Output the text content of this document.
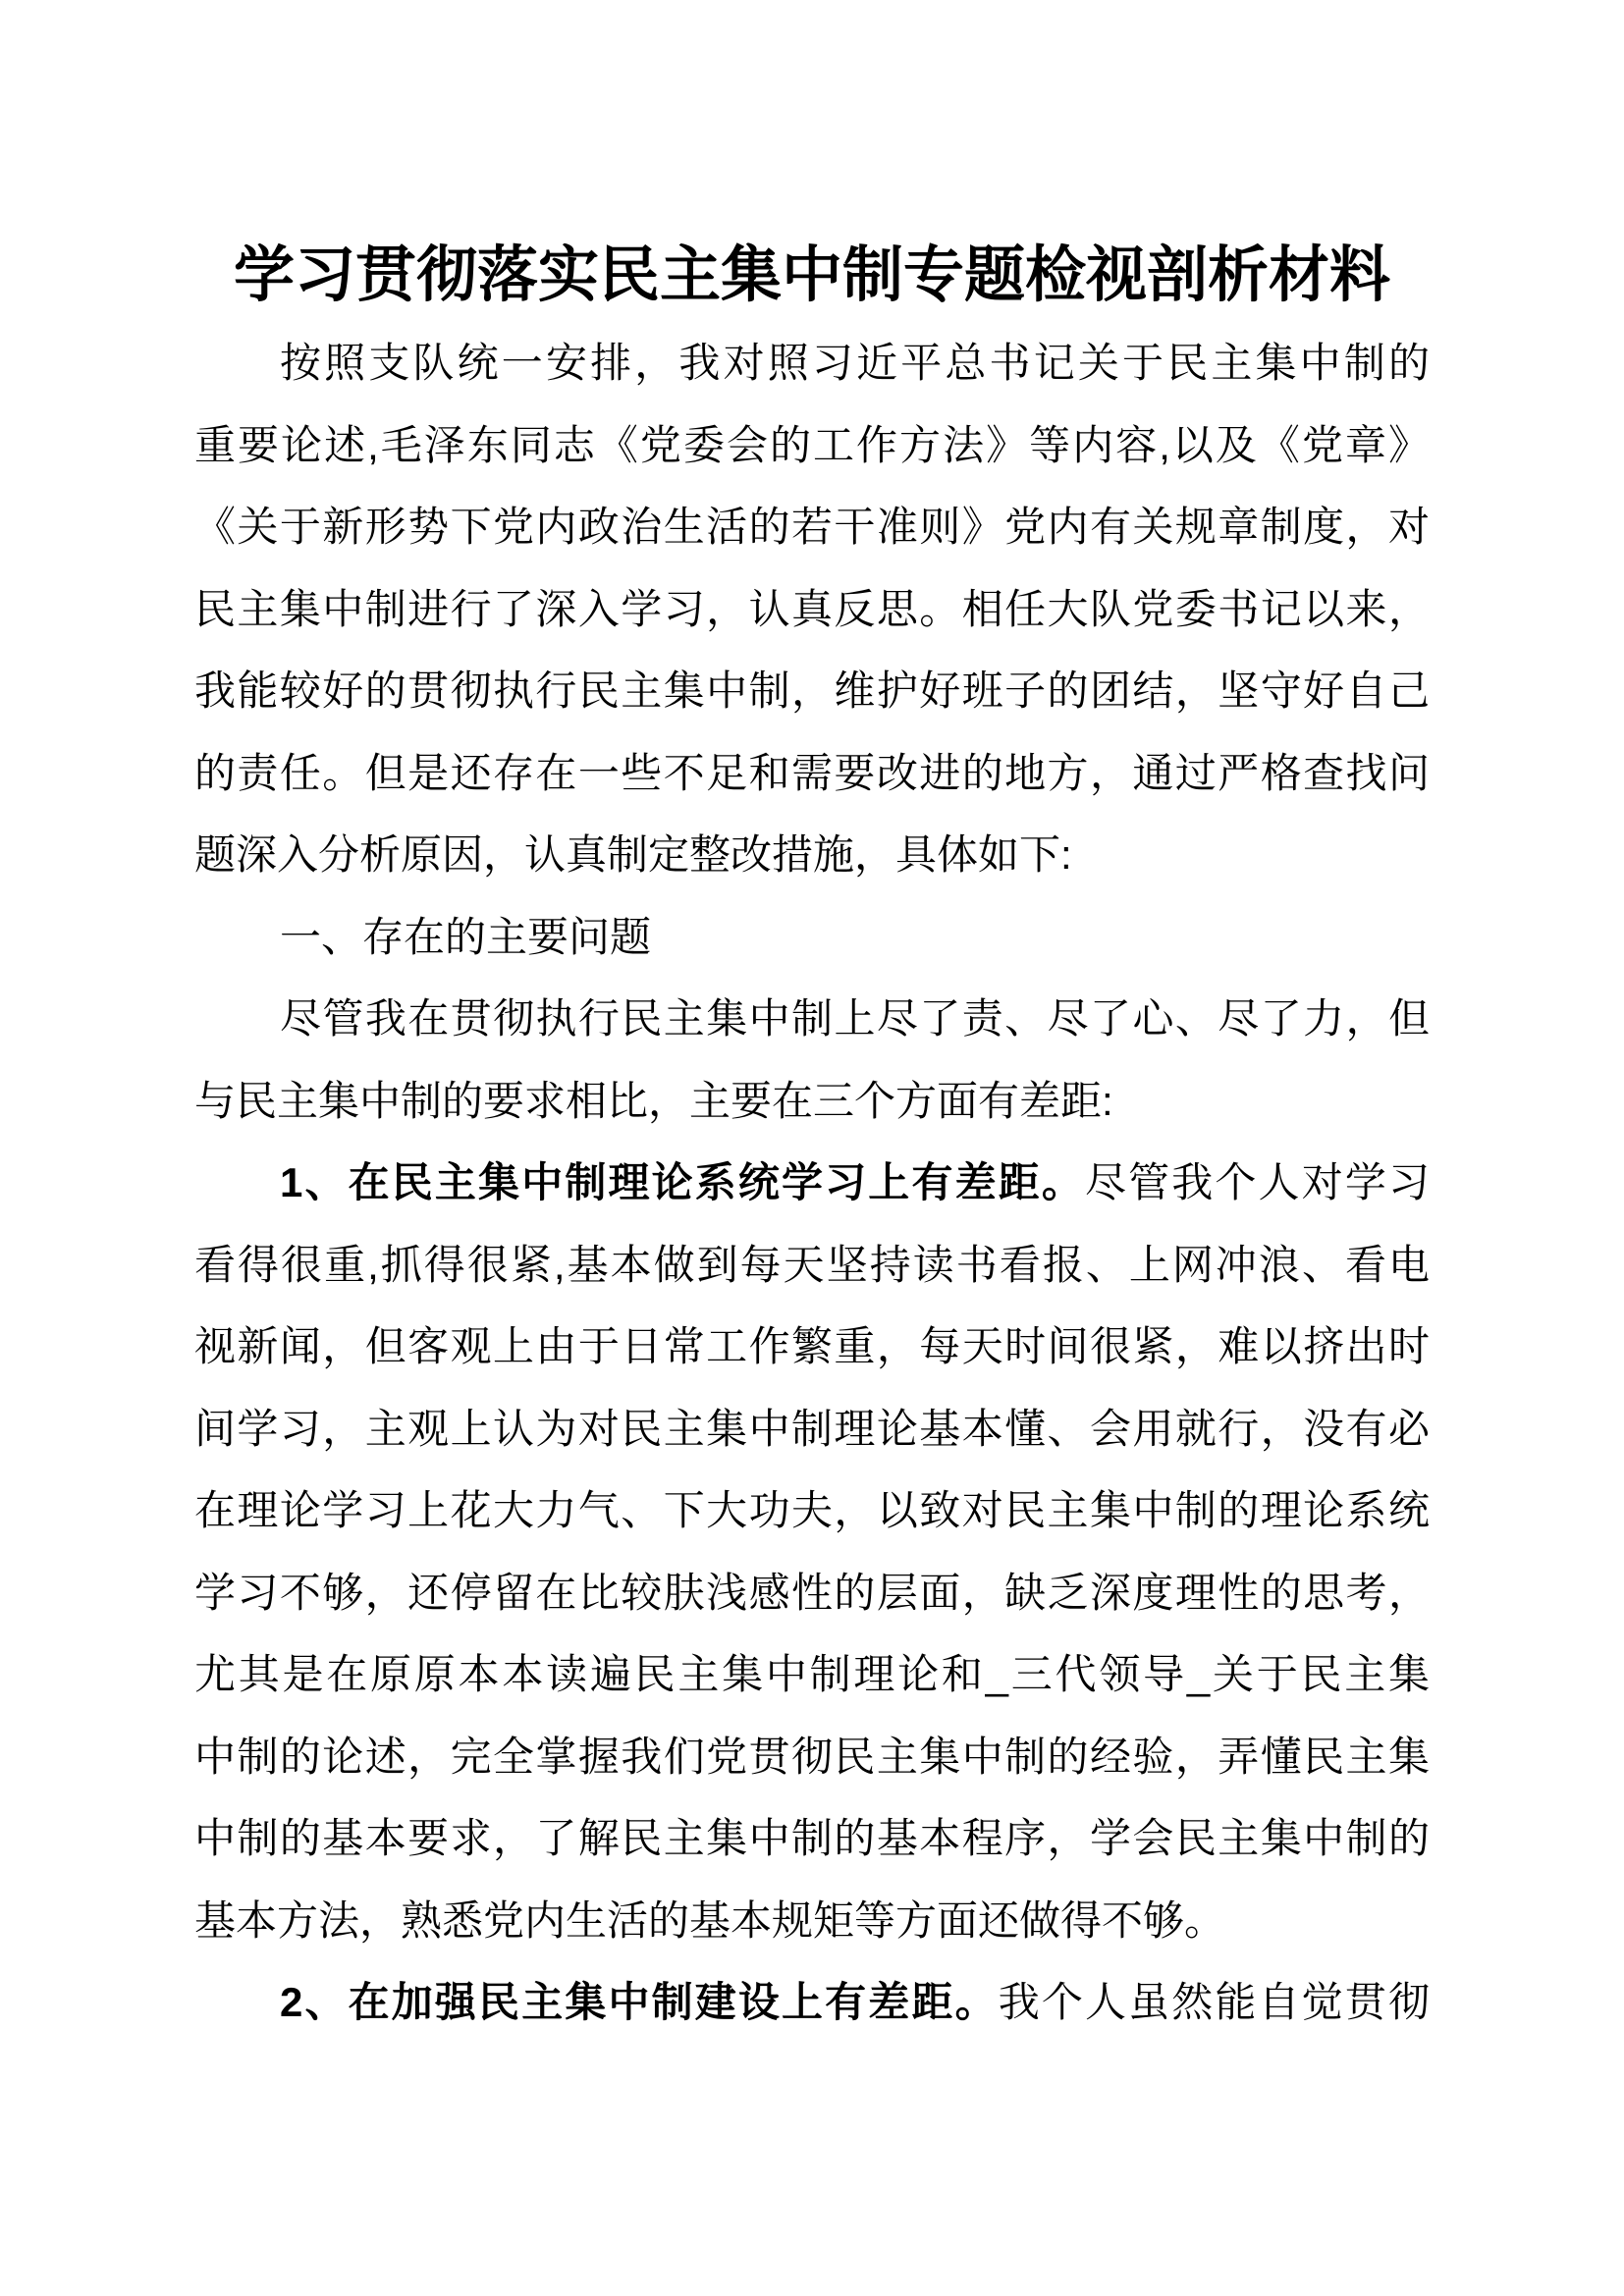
学习贯彻落实民主集中制专题检视剖析材料
按照支队统一安排，我对照习近平总书记关于民主集中制的
重要论述,毛泽东同志《党委会的工作方法》等内容,以及《党章》
《关于新形势下党内政治生活的若干准则》党内有关规章制度，对
民主集中制进行了深入学习，认真反思。相任大队党委书记以来，
我能较好的贯彻执行民主集中制，维护好班子的团结，坚守好自己
的责任。但是还存在一些不足和需要改进的地方，通过严格查找问
题深入分析原因，认真制定整改措施，具体如下:
一、存在的主要问题
尽管我在贯彻执行民主集中制上尽了责、尽了心、尽了力，但
与民主集中制的要求相比，主要在三个方面有差距:
1、在民主集中制理论系统学习上有差距。尽管我个人对学习
看得很重,抓得很紧,基本做到每天坚持读书看报、上网冲浪、看电
视新闻，但客观上由于日常工作繁重，每天时间很紧，难以挤出时
间学习，主观上认为对民主集中制理论基本懂、会用就行，没有必
在理论学习上花大力气、下大功夫，以致对民主集中制的理论系统
学习不够，还停留在比较肤浅感性的层面，缺乏深度理性的思考，
尤其是在原原本本读遍民主集中制理论和_三代领导_关于民主集
中制的论述，完全掌握我们党贯彻民主集中制的经验，弄懂民主集
中制的基本要求，了解民主集中制的基本程序，学会民主集中制的
基本方法，熟悉党内生活的基本规矩等方面还做得不够。
2、在加强民主集中制建设上有差距。我个人虽然能自觉贯彻
